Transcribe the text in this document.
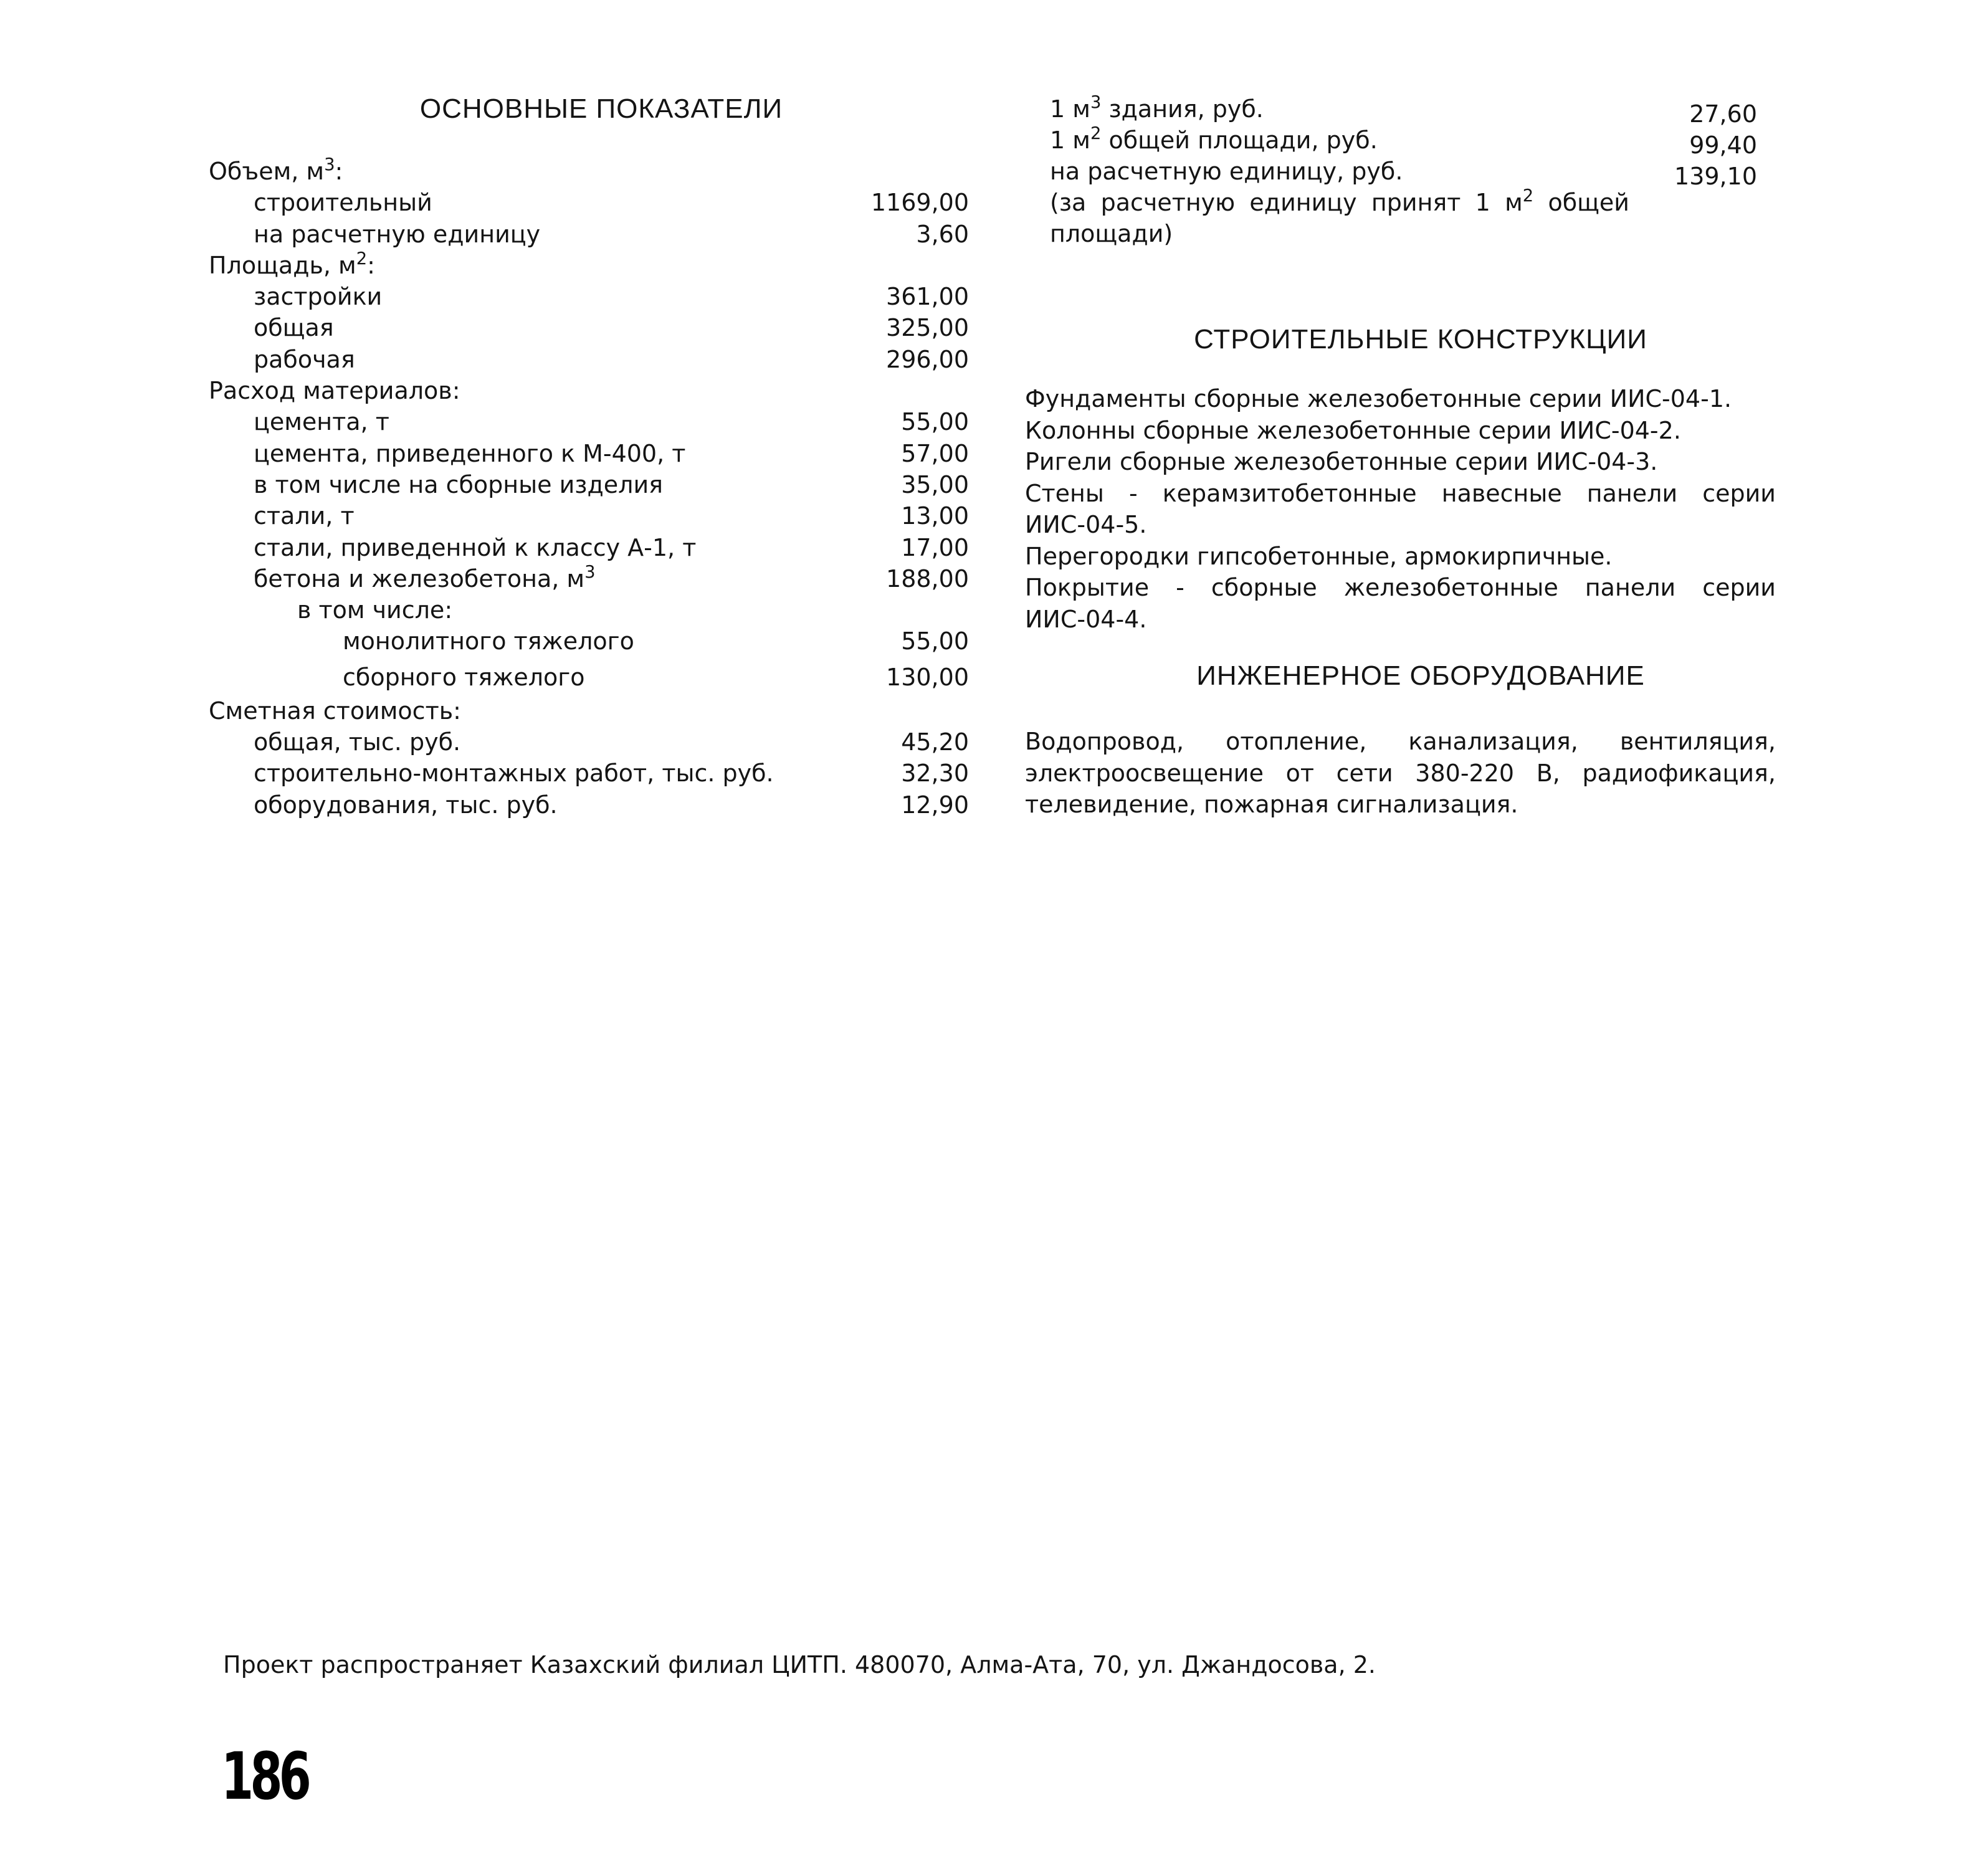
ОСНОВНЫЕ ПОКАЗАТЕЛИ
Объем, $м^3$:
строительный	1169,00
на расчетную единицу	3,60
Площадь, $м^2$:
застройки	361,00
общая	325,00
рабочая	296,00
Расход материалов:
цемента, т	55,00
цемента, приведенного к М-400, т	57,00
в том числе на сборные изделия	35,00
стали, т	13,00
стали, приведенной к классу А-1, т	17,00
бетона и железобетона, $м^3$	188,00
в том числе:
монолитного тяжелого	55,00
сборного тяжелого	130,00
Сметная стоимость:
общая, тыс. руб.	45,20
строительно-монтажных работ, тыс. руб.	32,30
оборудования, тыс. руб.	12,90
1 $м^3$ здания, руб.	27,60
1 $м^2$ общей площади, руб.	99,40
на расчетную единицу, руб.	139,10

(за расчетную единицу принят 1 $м^2$ общей площади)

СТРОИТЕЛЬНЫЕ КОНСТРУКЦИИ

Фундаменты сборные железобетонные серии ИИС-04-1.

Колонны сборные железобетонные серии ИИС-04-2.

Ригели сборные железобетонные серии ИИС-04-3.

Стены - керамзитобетонные навесные панели серии ИИС-04-5.

Перегородки гипсобетонные, армокирпичные.

Покрытие - сборные железобетонные панели серии ИИС-04-4.

ИНЖЕНЕРНОЕ ОБОРУДОВАНИЕ

Водопровод, отопление, канализация, вентиляция, электроосвещение от сети 380-220 В, радиофикация, телевидение, пожарная сигнализация.

Проект распространяет Казахский филиал ЦИТП. 480070, Алма-Ата, 70, ул. Джандосова, 2.
186
